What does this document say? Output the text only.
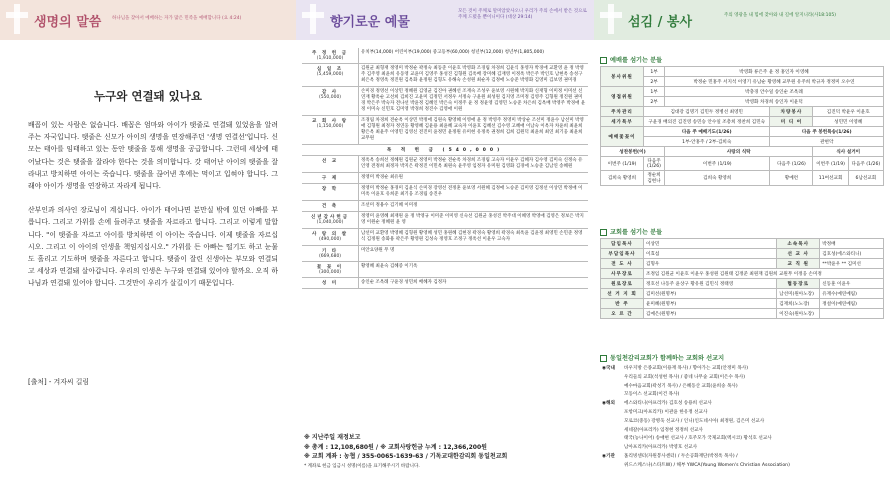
생명의 말씀 하나님을 찾아서 예배하는 자가 많은 민족을 예배합니다 (요 4:24)
누구와 연결돼 있나요

배꼽이 있는 사람은 없습니다. 배꼽은 엄마와 아이가 탯줄로 연결돼 있었음을 알려주는 자국입니다. 탯줄은 신모가 아이의 생명을 연장해주던 '생명 연결선'입니다. 신모는 태아를 임태하고 있는 동안 탯줄을 통해 생명을 공급합니다. 그런데 세상에 태어났다는 것은 탯줄을 잘라야 한다는 것을 의미합니다. 갓 태어난 아이의 탯줄을 잘라내고 방치하면 아이는 죽습니다. 탯줄을 끊어낸 후에는 먹이고 입혀야 합니다. 그래야 아이가 생명을 연장하고 자라게 됩니다.

산부인과 의사인 장로님이 계십니다. 아이가 태어나면 분만실 밖에 있던 아빠를 부릅니다. 그리고 가위를 손에 들려주고 탯줄을 자르라고 합니다. 그리고 이렇게 말합니다. "이 탯줄을 자르고 아이를 방치하면 이 아이는 죽습니다. 이제 탯줄을 자르십시오. 그리고 이 아이의 인생을 책임지십시오." 가위를 든 아빠는 떨기도 하고 눈물도 흘리고 기도하며 탯줄을 자른다고 합니다. 탯줄이 잘린 신생아는 부모와 연결되고 세상과 연결돼 살아갑니다. 우리의 인생은 누구와 연결돼 있어야 할까요. 오직 하나님과 연결돼 있어야 합니다. 그것만이 우리가 살길이기 때문입니다.

[출처] - 겨자씨 길림
향기로운 예물
모든 것이 주께로 말미암았사오니 우리가 주의 손에서 받은 것으로 주께 드렸을 뿐이니이다 (대상 29:14)
주 정 헌 금
(1,910,000)	유치부(14,000) 어린이부(19,000) 중고등부(60,000) 청년부(12,000) 청년부(1,805,000)

십 일 조
(5,459,000)	김원균 최형재 정영미 박정순 곽정숙 최동준 이윤호 박영화 조경림 차경희 김윤식 홍영자 박경애 교환영 윤 정 박영주 김주영 최윤희 유동영 교윤미 김영주 홍성진 김형원 김옥배 장미혜 김재영 이정옥 박은주 박인호 남현옥 송성구 최은옥 정영옥 정진원 김옥화 윤정원 김형도 유해숙 손성원 최순자 김정애 노승준 박영화 김영미 김보영 권미경

감 사
(550,000)	손미경 정영선 이상민 정혜원 김영균 김진아 권혜선 조재숙 조성우 윤보영 시원혜 박지화 신재형 이미정 이미선 신연재 황옥순 고선희 김희진 고윤미 김정민 서정우 서정숙 구윤원 최성원 김지영 조미정 김영주 김형원 정진원 권미경 박은주 박숙자 전나선 박윤정 김혜인 박은숙 이정주 윤 정 정윤영 김영민 노승준 차은희 김옥배 박영주 박경애 윤 정 이미숙 신민호 김미영 박경희 정진수 김영애 이원

교 회 사 랑
(1,150,000)	조경림 차경희 전순옥 이상민 박정애 김원숙 황영혜 이영애 윤 정 박영주 정영미 박상순 조선미 정윤수 남선미 박영애 김형원 최정자 정연웅 황영혜 김윤용 최윤혜 교숙자 이윤호 김혜선 김수영 고혜애 이남숙 이옥자 차윤희 최윤희 황은옥 최윤주 이영민 김영신 전진미 윤정민 윤정원 유미현 유정옥 권정희 김희 김원덕 최윤희 최연 최기웅 최윤희 교무원
목 적 헌 금 (540,000)	

선 교	정옥옥 송희선 정혜원 김원균 정영미 박정순 전순옥 차경희 조경림 고숙자 이윤우 김혜자 김수영 김미숙 신정숙 유인영 전정희 최정자 박지은 곽정진 이민옥 최원숙 윤주영 임정자 유미원 김영화 김경애 노승준 김남연 송혜원

구 제	정영미 박경순 최유원

장 학	정영미 박정순 홍경미 김윤식 손미경 장영선 전정훈 윤보영 서원혜 김정애 노승준 김미영 김정선 이상민 박정애 이미옥 이윤호 유희준 최기웅 조경림 송진우

건 축	조선미 정용수 김기혜 이미정

신년감사헌금
(1,040,000)	정영미 윤영혜 최재원 윤 정 박영규 이미준 이미영 신숙선 김원균 홍성진 박주대 이혜영 박영애 김영은 정보은 박지영 이원순 정혜원 윤 영

사 랑 의 쌀
(490,000)	남선미 교환영 박영혜 김형원 황영혜 성민 홍원혜 김현경 곽경숙 황영희 곽경숙 최옥윤 김윤정 최영민 손민준 정영식 김정원 송화용 곽은주 황영원 김성숙 정영호 조정구 정옥선 이윤우 고숙자

기 타
(669,680)	미안요양원 무 명

꽃 꽂 이
(300,000)	황영혜 최윤숙 김혜증 이기옥

성 미	송인순 조옥례 구윤경 성민희 배혜자 김정자
※ 지난주일 재정보고
※ 총계 : 12,108,680원 / ※ 교회사랑헌금 누계 : 12,366,200원
※ 교회 계좌 : 농협 / 355-0065-1639-63 / 기독교대한감리회 동일천교회
* 계좌로 헌금 입금시 성명(이름)을 표기해주시기 바랍니다.
섬김 / 봉사	주의 영광을 내 힘에 찾아와 내 길에 알지니라(사18:105)
예배를 섬기는 분들
봉사위원	1부	박영화 류은주 윤 정 홍인자 이영혜			
	2부	박정순 민홍주 서지석 이영기 유남순 황영혜 교무원 유주희 박규자 정정미 오수연			
영접위원	1부	박충경 안수일 송인순 조옥례			
	2부	박영화 차경희 송인자 이윤덕			
주차관리	김대강 김명기 김민두 정병선 최영민		차량봉사	김진덕 박윤우 이윤호	
세가특부	구윤경 배의진 김진영 송민승 안수일 조총희 정찬희 김민숙		미 디 어	성민민 이영혜	
예배꽃꽂이	다음 주 예배기도(1/26)		다음 주 봉헌특송(1/26)		
	1부-안홍주 / 2부-김희숙		관현악		
성찬봉헌(이)		사랑의 식탁		식사 설거이	
이번주 (1/19)	다음주 (1/26)	이번주 (1/19)	다음주 (1/26)	이번주 (1/19)	다음주 (1/26)
김희숙 황영희	정순희 김현나	김희숙 황영희	황예련	11여선교회	6남선교회
교회를 섬기는 분들
담임목사	이상민	소속목사	박정배
부담임목사	이효섭	선 교 사	김호성(에스와티니)
전 도 사	김형우	교 직 원	**박윤우 ** 김미선
사무장로	조정임 김원균 이윤호 이윤우 홍성원 김원태 김정준 최원재 김원희 교원무 이정웅 손미정		
원로장로	정호선 나동주 윤상구 황유원 김민식 정태영	협동장로	신동훈 이윤우
선 거 지 회	김미선(원명부)	남선미(원아노장)	유재수(예연예림)
반 주	윤미혜(원명부)	김재희(노노장)	정설이(예연예림)
오 르 간	김예은(원명부)	이진숙(원아노장)	
동일천감리교회가 함께하는 교회와 선교지
◉국내	바우지방 은종교회(이용재 목사) / 향아가는 교회(안정미 목사)
우리들의 교회(석성현 목사) / 좋네 나무숲 교회(이은수 목사)
예수마음교회(곽성기 목사) / 은혜동산 교회(윤희숭 목사)
꼬동이스 선교회(이건 목사)
◉해외	에스와티니(아프리카) 김호성 송용희 선교사
포항미크(아프리카) 이관윤 한유정 선교사
모로코(중동) 강병욱 선교사 / 인니(인도네시아) 최정원, 김은미 선교사
세네갈(아프리카) 임정현 정정희 선교사
태국(농나이어) 송애현 선교사 / 호주모가 국제교회(멕시코) 황석호 선교사
남아프리카(아프리카) 박영호 선교사
◉기관	홈리빙센터(자원봉사센터) / 두손공화재단(박정옥 목사) /
위드스케스나(스타트W) / 해부 YWCA(Young Women's Christian Association)
